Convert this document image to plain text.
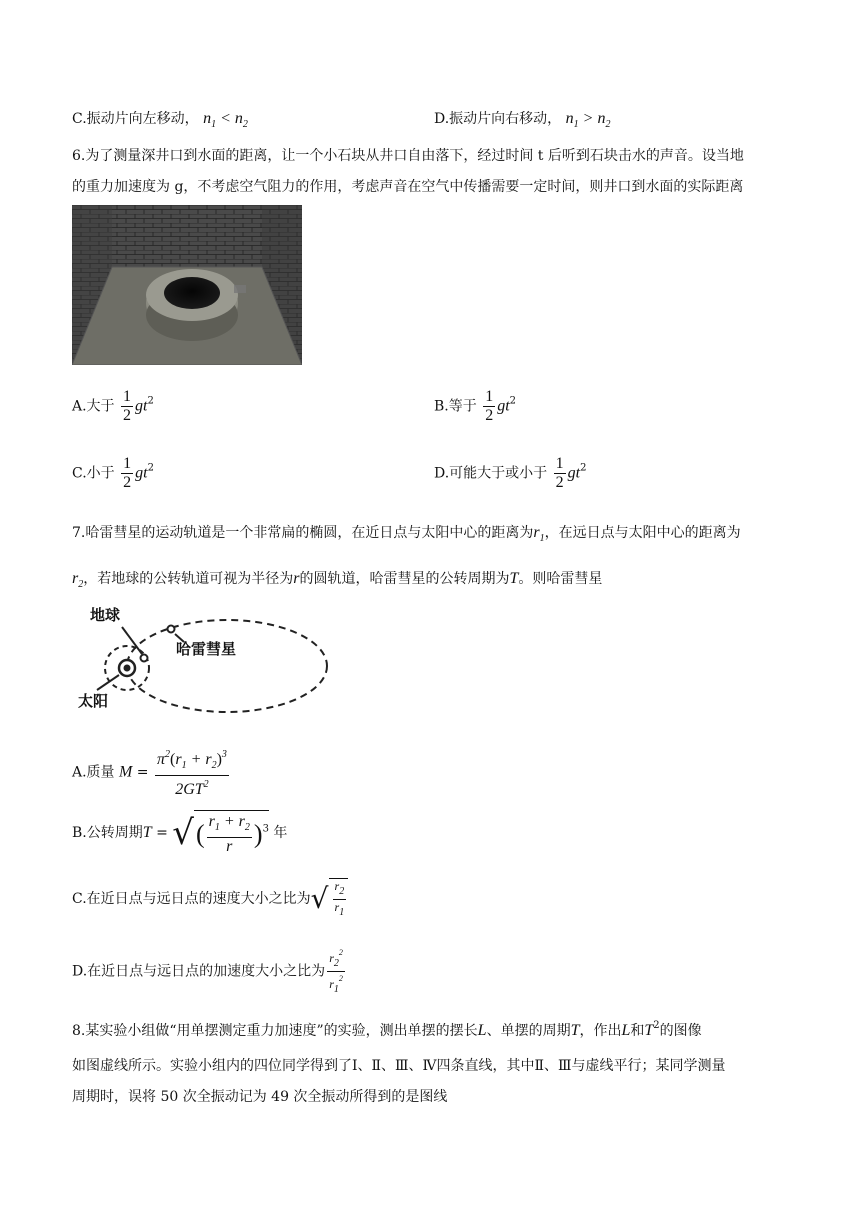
C.振动片向左移动， $n_1 < n_2$	D.振动片向右移动， $n_1 > n_2$
6.为了测量深井口到水面的距离，让一个小石块从井口自由落下，经过时间 t 后听到石块击水的声音。设当地
的重力加速度为 g，不考虑空气阻力的作用，考虑声音在空气中传播需要一定时间，则井口到水面的实际距离
A.大于 $\frac{1}{2} gt^2$	B.等于 $\frac{1}{2} gt^2$
C.小于 $\frac{1}{2} gt^2$	D.可能大于或小于 $\frac{1}{2} gt^2$
7.哈雷彗星的运动轨道是一个非常扁的椭圆，在近日点与太阳中心的距离为$r_1$，在远日点与太阳中心的距离为
$r_2$，若地球的公转轨道可视为半径为r的圆轨道，哈雷彗星的公转周期为T。则哈雷彗星
地球
哈雷彗星
太阳
A.质量 $M = \frac{\pi^2(r_1 + r_2)^3}{2GT^2}$
B.公转周期T = √( $\frac{r_1 + r_2}{r} )^3$ 年
C.在近日点与远日点的速度大小之比为√ $\frac{r_2}{r_1}$
D.在近日点与远日点的加速度大小之比为 $\frac{r_2^2}{r_1^2}$
8.某实验小组做“用单摆测定重力加速度”的实验，测出单摆的摆长L、单摆的周期T，作出L和$T^2$的图像
如图虚线所示。实验小组内的四位同学得到了Ⅰ、Ⅱ、Ⅲ、Ⅳ四条直线，其中Ⅱ、Ⅲ与虚线平行；某同学测量
周期时，误将 50 次全振动记为 49 次全振动所得到的是图线
